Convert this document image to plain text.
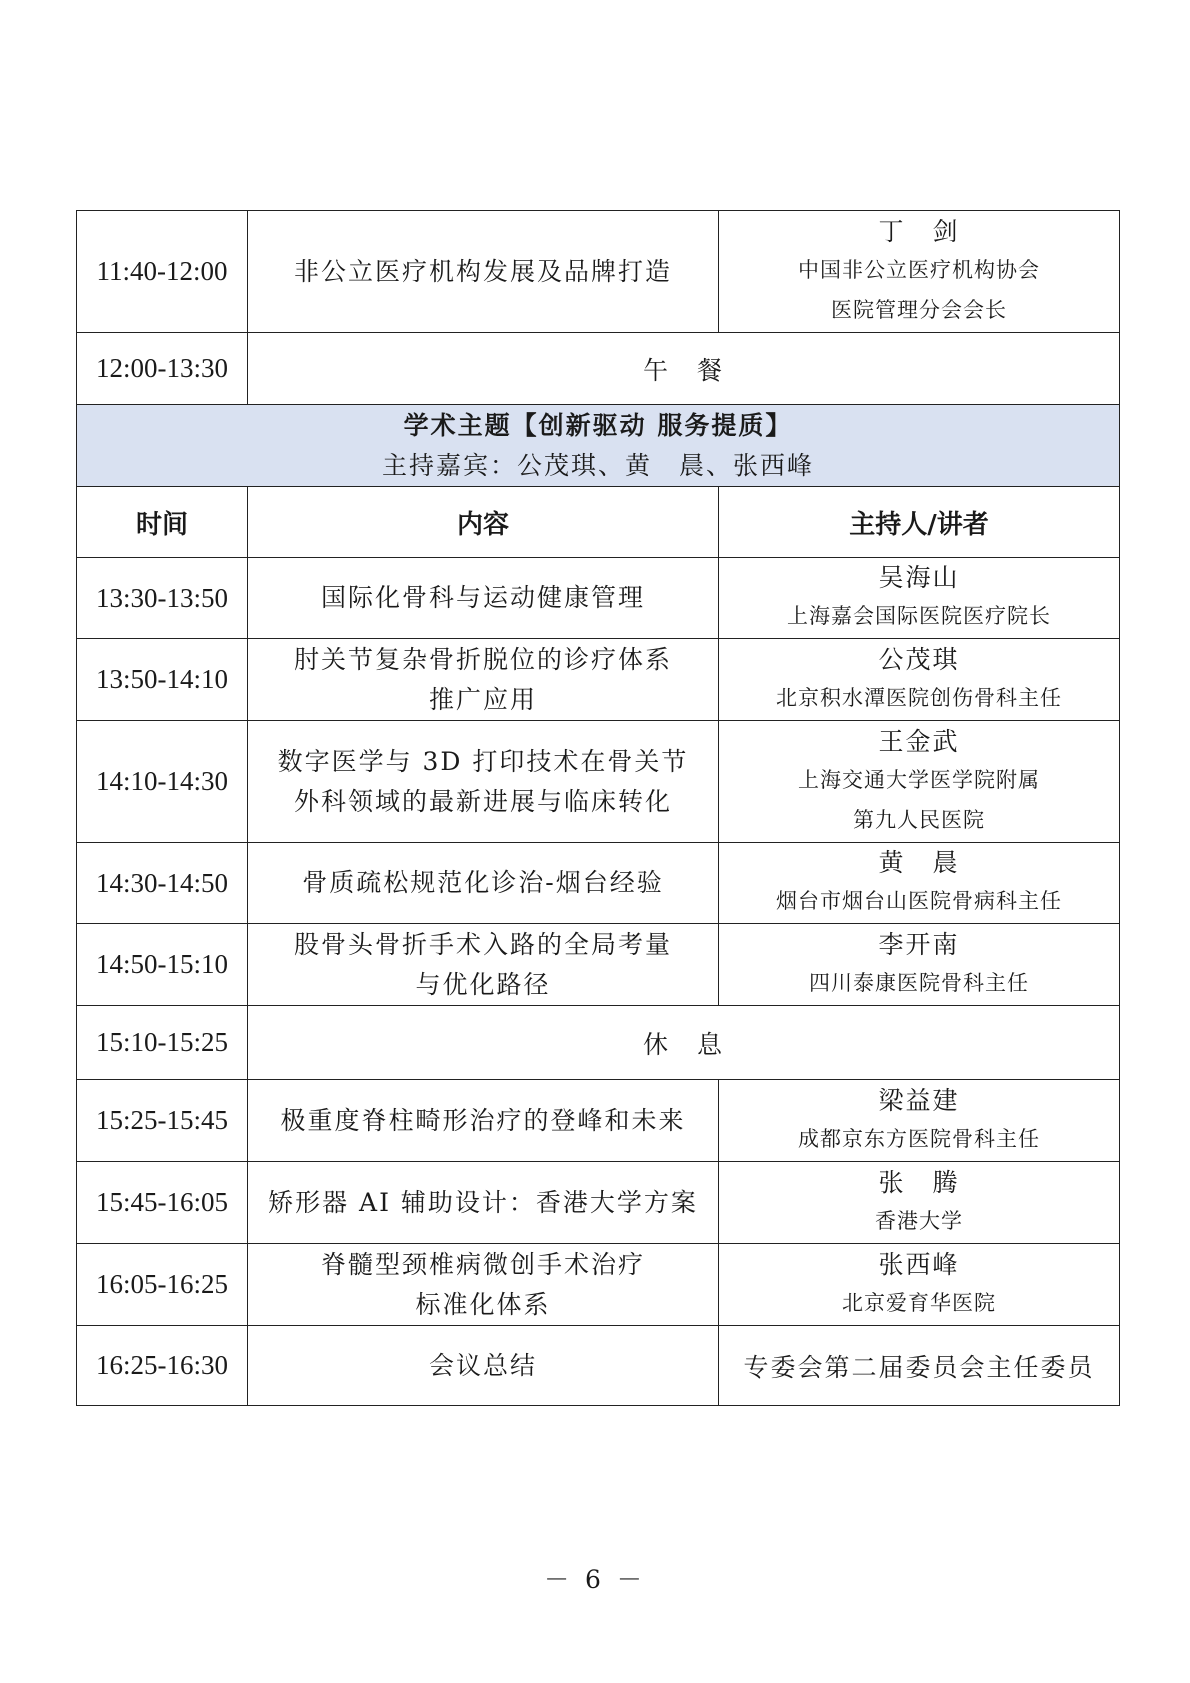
11:40-12:00	非公立医疗机构发展及品牌打造	丁　剑
中国非公立医疗机构协会
医院管理分会会长

12:00-13:30	午　餐	

学术主题【创新驱动 服务提质】
主持嘉宾：公茂琪、黄　晨、张西峰		

时间	内容	主持人/讲者
13:30-13:50	国际化骨科与运动健康管理	吴海山
上海嘉会国际医院医疗院长

13:50-14:10	肘关节复杂骨折脱位的诊疗体系
推广应用	公茂琪
北京积水潭医院创伤骨科主任

14:10-14:30	数字医学与 3D 打印技术在骨关节
外科领域的最新进展与临床转化	王金武
上海交通大学医学院附属
第九人民医院

14:30-14:50	骨质疏松规范化诊治-烟台经验	黄　晨
烟台市烟台山医院骨病科主任

14:50-15:10	股骨头骨折手术入路的全局考量
与优化路径	李开南
四川泰康医院骨科主任

15:10-15:25	休　息	
15:25-15:45	极重度脊柱畸形治疗的登峰和未来	梁益建
成都京东方医院骨科主任

15:45-16:05	矫形器 AI 辅助设计：香港大学方案	张　腾
香港大学

16:05-16:25	脊髓型颈椎病微创手术治疗
标准化体系	张西峰
北京爱育华医院

16:25-16:30	会议总结	专委会第二届委员会主任委员
－ 6 －
